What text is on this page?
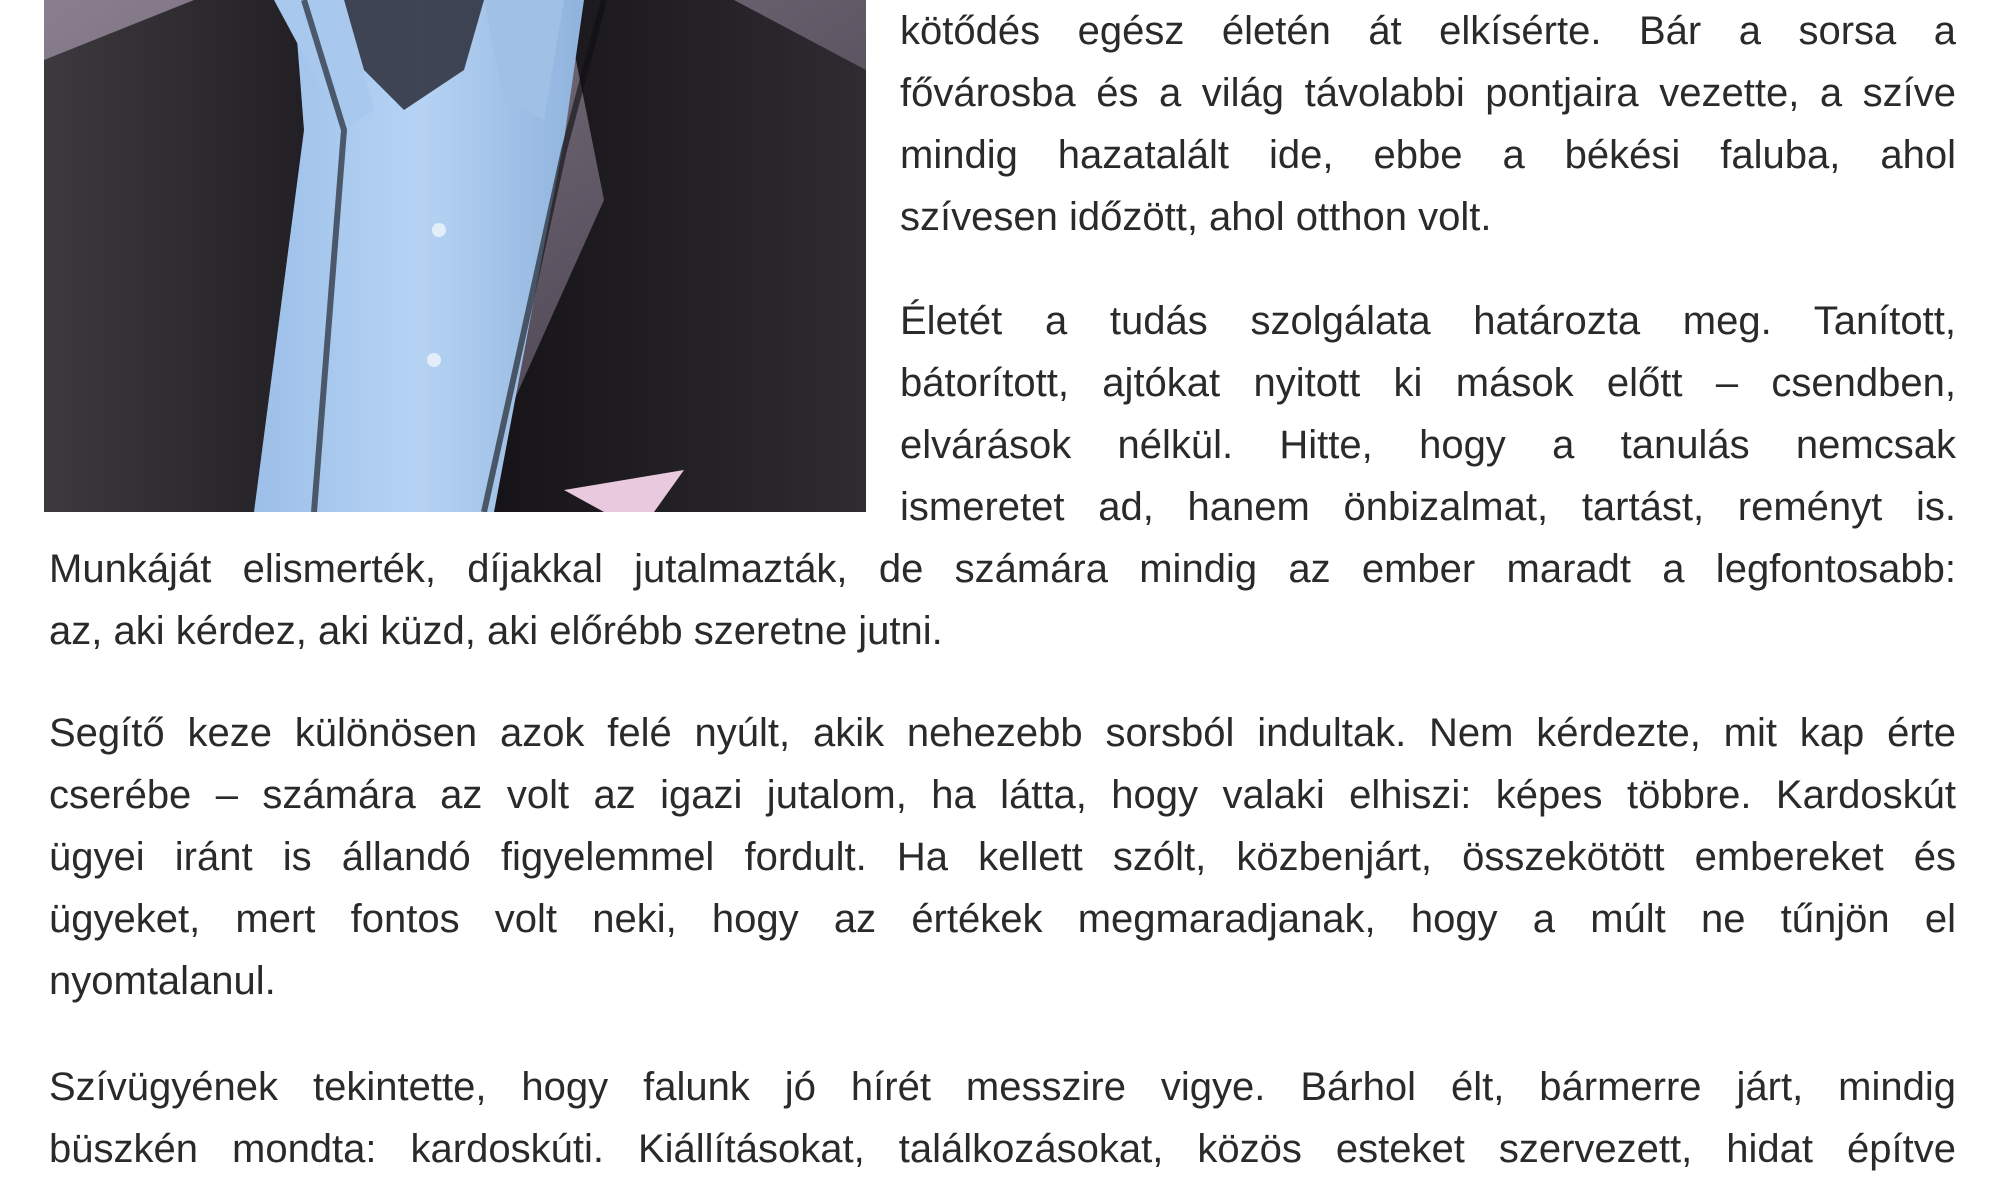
kötődés egész életén át elkísérte. Bár a sorsa a
fővárosba és a világ távolabbi pontjaira vezette, a szíve
mindig hazatalált ide, ebbe a békési faluba, ahol
szívesen időzött, ahol otthon volt.
Életét a tudás szolgálata határozta meg. Tanított,
bátorított, ajtókat nyitott ki mások előtt – csendben,
elvárások nélkül. Hitte, hogy a tanulás nemcsak
ismeretet ad, hanem önbizalmat, tartást, reményt is.
Munkáját elismerték, díjakkal jutalmazták, de számára mindig az ember maradt a legfontosabb:
az, aki kérdez, aki küzd, aki előrébb szeretne jutni.
Segítő keze különösen azok felé nyúlt, akik nehezebb sorsból indultak. Nem kérdezte, mit kap érte
cserébe – számára az volt az igazi jutalom, ha látta, hogy valaki elhiszi: képes többre. Kardoskút
ügyei iránt is állandó figyelemmel fordult. Ha kellett szólt, közbenjárt, összekötött embereket és
ügyeket, mert fontos volt neki, hogy az értékek megmaradjanak, hogy a múlt ne tűnjön el
nyomtalanul.
Szívügyének tekintette, hogy falunk jó hírét messzire vigye. Bárhol élt, bármerre járt, mindig
büszkén mondta: kardoskúti. Kiállításokat, találkozásokat, közös esteket szervezett, hidat építve
